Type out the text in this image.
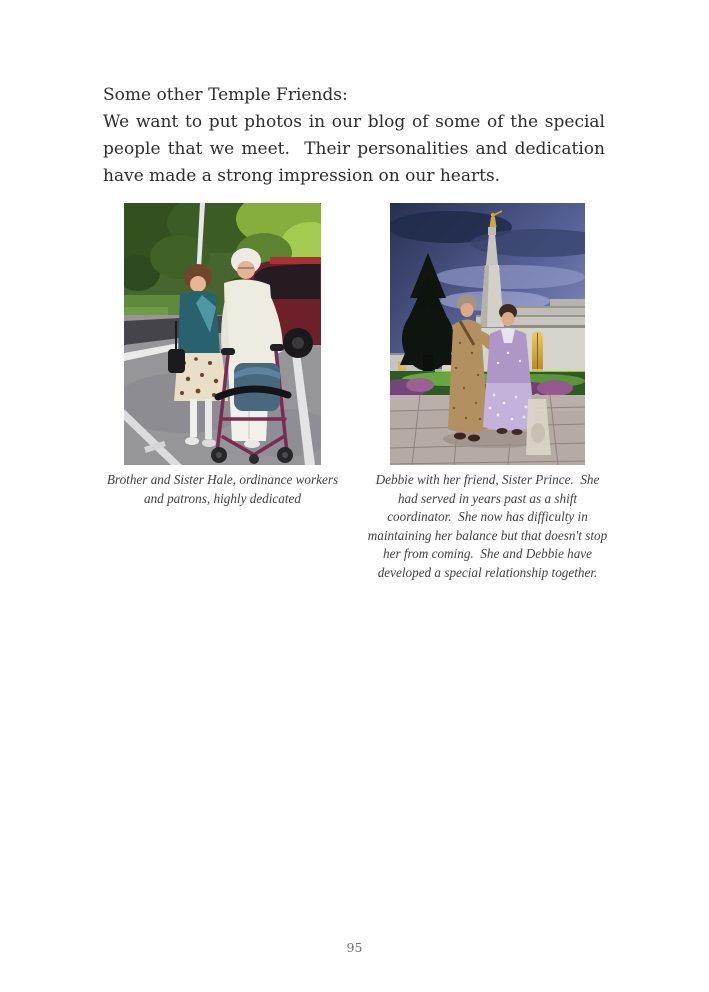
Some other Temple Friends:
We want to put photos in our blog of some of the special people that we meet.  Their personalities and dedication have made a strong impression on our hearts.
Brother and Sister Hale, ordinance workers and patrons, highly dedicated
Debbie with her friend, Sister Prince.  She had served in years past as a shift coordinator.  She now has difficulty in maintaining her balance but that doesn't stop her from coming.  She and Debbie have developed a special relationship together.
95
